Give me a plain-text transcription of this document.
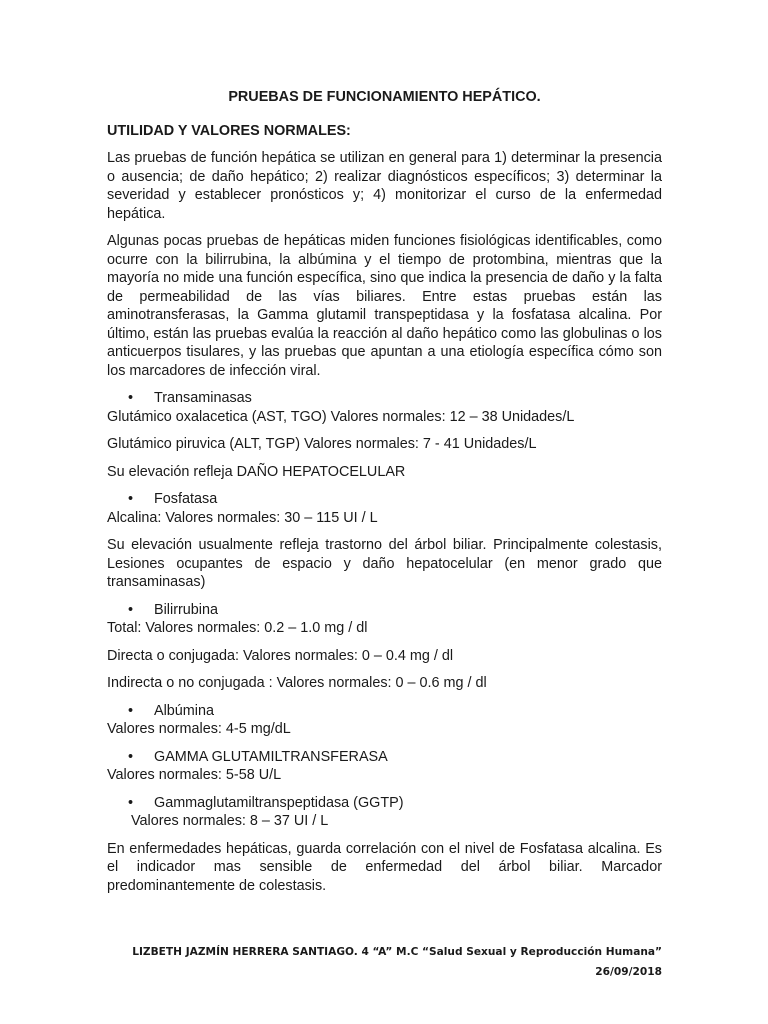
PRUEBAS DE FUNCIONAMIENTO HEPÁTICO.
UTILIDAD Y VALORES NORMALES:

Las pruebas de función hepática se utilizan en general para 1) determinar la presencia o ausencia; de daño hepático; 2) realizar diagnósticos específicos; 3) determinar la severidad y establecer pronósticos y; 4) monitorizar el curso de la enfermedad hepática.

Algunas pocas pruebas de hepáticas miden funciones fisiológicas identificables, como ocurre con la bilirrubina, la albúmina y el tiempo de protombina, mientras que la mayoría no mide una función específica, sino que indica la presencia de daño y la falta de permeabilidad de las vías biliares. Entre estas pruebas están las aminotransferasas, la Gamma glutamil transpeptidasa y la fosfatasa alcalina. Por último, están las pruebas evalúa la reacción al daño hepático como las globulinas o los anticuerpos tisulares, y las pruebas que apuntan a una etiología específica cómo son los marcadores de infección viral.

• Transaminasas

Glutámico oxalacetica (AST, TGO) Valores normales: 12 – 38 Unidades/L

Glutámico piruvica (ALT, TGP) Valores normales: 7 - 41 Unidades/L

Su elevación refleja DAÑO HEPATOCELULAR

• Fosfatasa

Alcalina: Valores normales: 30 – 115 UI / L

Su elevación usualmente refleja trastorno del árbol biliar. Principalmente colestasis, Lesiones ocupantes de espacio y daño hepatocelular (en menor grado que transaminasas)

• Bilirrubina

Total: Valores normales: 0.2 – 1.0 mg / dl

Directa o conjugada: Valores normales: 0 – 0.4 mg / dl

Indirecta o no conjugada : Valores normales: 0 – 0.6 mg / dl

• Albúmina

Valores normales: 4-5 mg/dL

• GAMMA GLUTAMILTRANSFERASA

Valores normales: 5-58 U/L

• Gammaglutamiltranspeptidasa (GGTP)

Valores normales: 8 – 37 UI / L

En enfermedades hepáticas, guarda correlación con el nivel de Fosfatasa alcalina. Es el indicador mas sensible de enfermedad del árbol biliar. Marcador predominantemente de colestasis.

LIZBETH JAZMÍN HERRERA SANTIAGO. 4 “A” M.C “Salud Sexual y Reproducción Humana”
26/09/2018
